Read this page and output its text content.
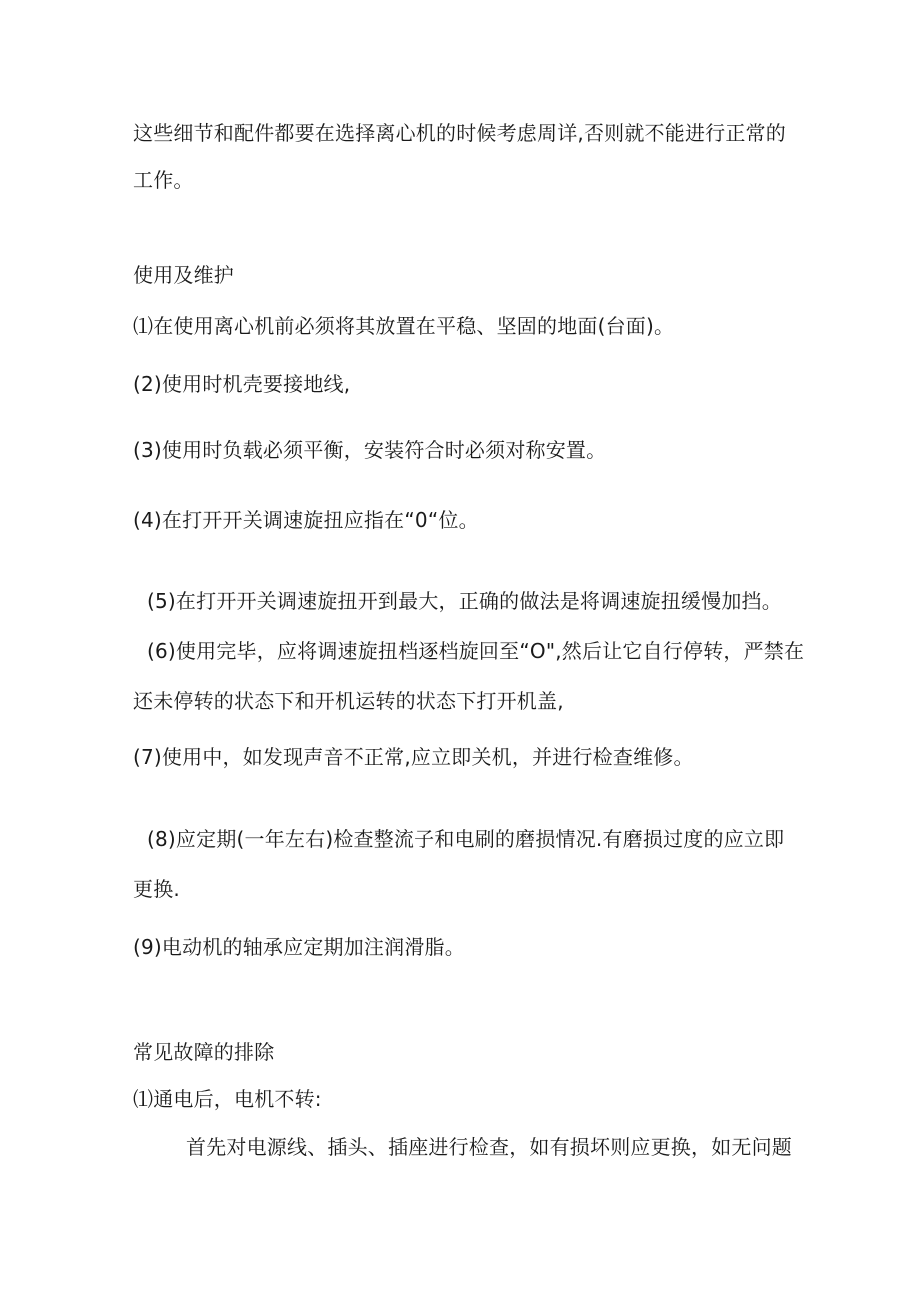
这些细节和配件都要在选择离心机的时候考虑周详,否则就不能进行正常的
工作。
使用及维护
⑴在使用离心机前必须将其放置在平稳、坚固的地面(台面)。
(2)使用时机壳要接地线,
(3)使用时负载必须平衡，安装符合时必须对称安置。
(4)在打开开关调速旋扭应指在“0“位。
(5)在打开开关调速旋扭开到最大，正确的做法是将调速旋扭缓慢加挡。
(6)使用完毕，应将调速旋扭档逐档旋回至“O",然后让它自行停转，严禁在
还未停转的状态下和开机运转的状态下打开机盖,
(7)使用中，如发现声音不正常,应立即关机，并进行检查维修。
(8)应定期(一年左右)检查整流子和电刷的磨损情况.有磨损过度的应立即
更换.
(9)电动机的轴承应定期加注润滑脂。
常见故障的排除
⑴通电后，电机不转:
首先对电源线、插头、插座进行检查，如有损坏则应更换，如无问题
